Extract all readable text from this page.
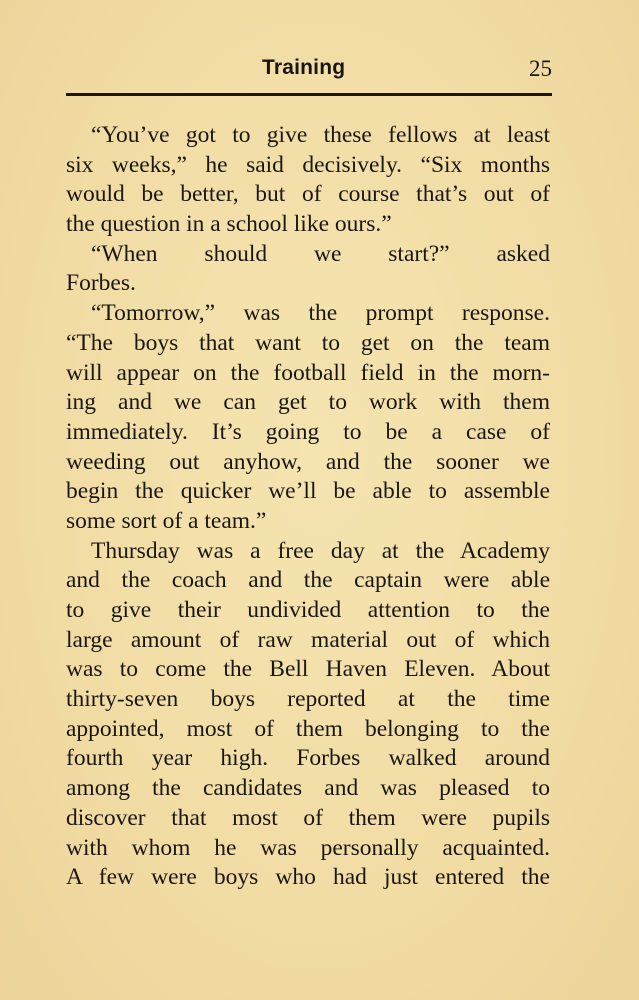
Training	25
“You’ve got to give these fellows at least
six weeks,” he said decisively. “Six months
would be better, but of course that’s out of
the question in a school like ours.”
“When should we start?” asked
Forbes.
“Tomorrow,” was the prompt response.
“The boys that want to get on the team
will appear on the football field in the morn-
ing and we can get to work with them
immediately. It’s going to be a case of
weeding out anyhow, and the sooner we
begin the quicker we’ll be able to assemble
some sort of a team.”
Thursday was a free day at the Academy
and the coach and the captain were able
to give their undivided attention to the
large amount of raw material out of which
was to come the Bell Haven Eleven. About
thirty-seven boys reported at the time
appointed, most of them belonging to the
fourth year high. Forbes walked around
among the candidates and was pleased to
discover that most of them were pupils
with whom he was personally acquainted.
A few were boys who had just entered the
